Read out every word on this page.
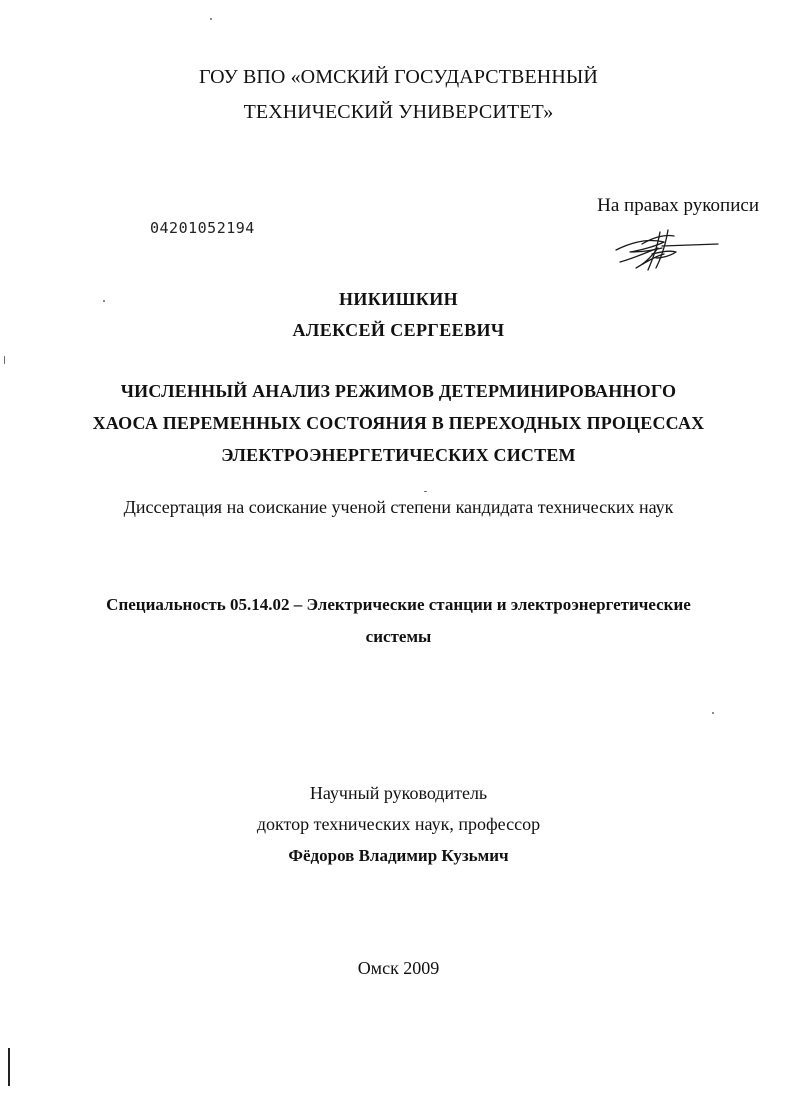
ГОУ ВПО «ОМСКИЙ ГОСУДАРСТВЕННЫЙ
ТЕХНИЧЕСКИЙ УНИВЕРСИТЕТ»
На правах рукописи
04201052194
НИКИШКИН
АЛЕКСЕЙ СЕРГЕЕВИЧ
ЧИСЛЕННЫЙ АНАЛИЗ РЕЖИМОВ ДЕТЕРМИНИРОВАННОГО
ХАОСА ПЕРЕМЕННЫХ СОСТОЯНИЯ В ПЕРЕХОДНЫХ ПРОЦЕССАХ
ЭЛЕКТРОЭНЕРГЕТИЧЕСКИХ СИСТЕМ
Диссертация на соискание ученой степени кандидата технических наук
Специальность 05.14.02 – Электрические станции и электроэнергетические
системы
Научный руководитель
доктор технических наук, профессор
Фёдоров Владимир Кузьмич
Омск 2009
